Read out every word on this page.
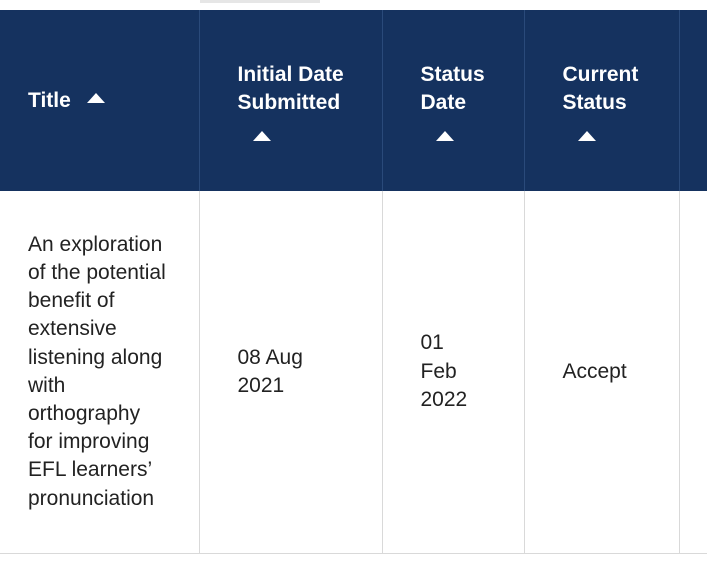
Title	Initial Date Submitted	Status Date	Current Status	

An exploration of the potential benefit of extensive listening along with orthography for improving EFL learners’ pronunciation	08 Aug 2021	01 Feb 2022	Accept	
